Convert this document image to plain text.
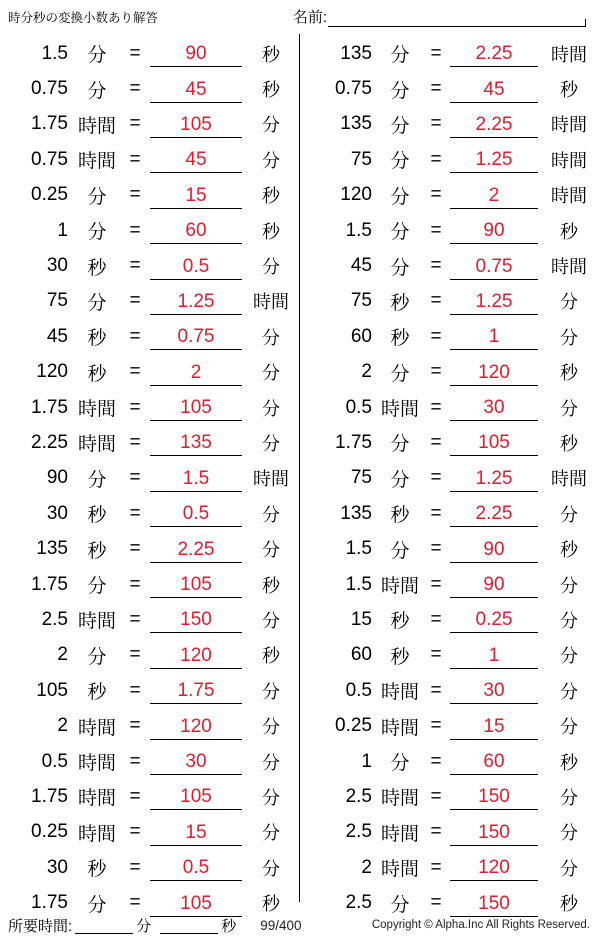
時分秒の変換小数あり解答	名前:
1.5	分	=	90	秒
0.75	分	=	45	秒
1.75 時間 =	105	分
0.75 時間 =	45	分
0.25	分	=	15	秒
1	分	=	60	秒
30	秒	=	0.5	分
75	分	=	1.25	時間
45	秒	=	0.75	分
120	秒	=	2	分
1.75 時間 =	105	分
2.25 時間 =	135	分
90	分	=	1.5	時間
30	秒	=	0.5	分
135	秒	=	2.25	分
1.75	分	=	105	秒
2.5 時間 =	150	分
2	分	=	120	秒
105	秒	=	1.75	分
2 時間 =	120	分
0.5 時間 =	30	分
1.75 時間 =	105	分
0.25 時間 =	15	分
30	秒	=	0.5	分
1.75	分	=	105	秒
135 分	=	2.25	時間
0.75 分	=	45	秒
135 分	=	2.25	時間
75 分	=	1.25	時間
120 分	=	2	時間
1.5 分	=	90	秒
45 分	=	0.75	時間
75 秒	=	1.25	分
60 秒	=	1	分
2 分	=	120	秒
0.5 時間 =	30	分
1.75 分	=	105	秒
75 分	=	1.25	時間
135 秒	=	2.25	分
1.5 分	=	90	秒
1.5 時間 =	90	分
15 秒	=	0.25	分
60 秒	=	1	分
0.5 時間 =	30	分
0.25 時間 =	15	分
1 分	=	60	秒
2.5 時間 =	150	分
2.5 時間 =	150	分
2 時間 =	120	分
2.5 分	=	150	秒
所要時間:	分	秒	99/400	Copyright © Alpha.Inc All Rights Reserved.
